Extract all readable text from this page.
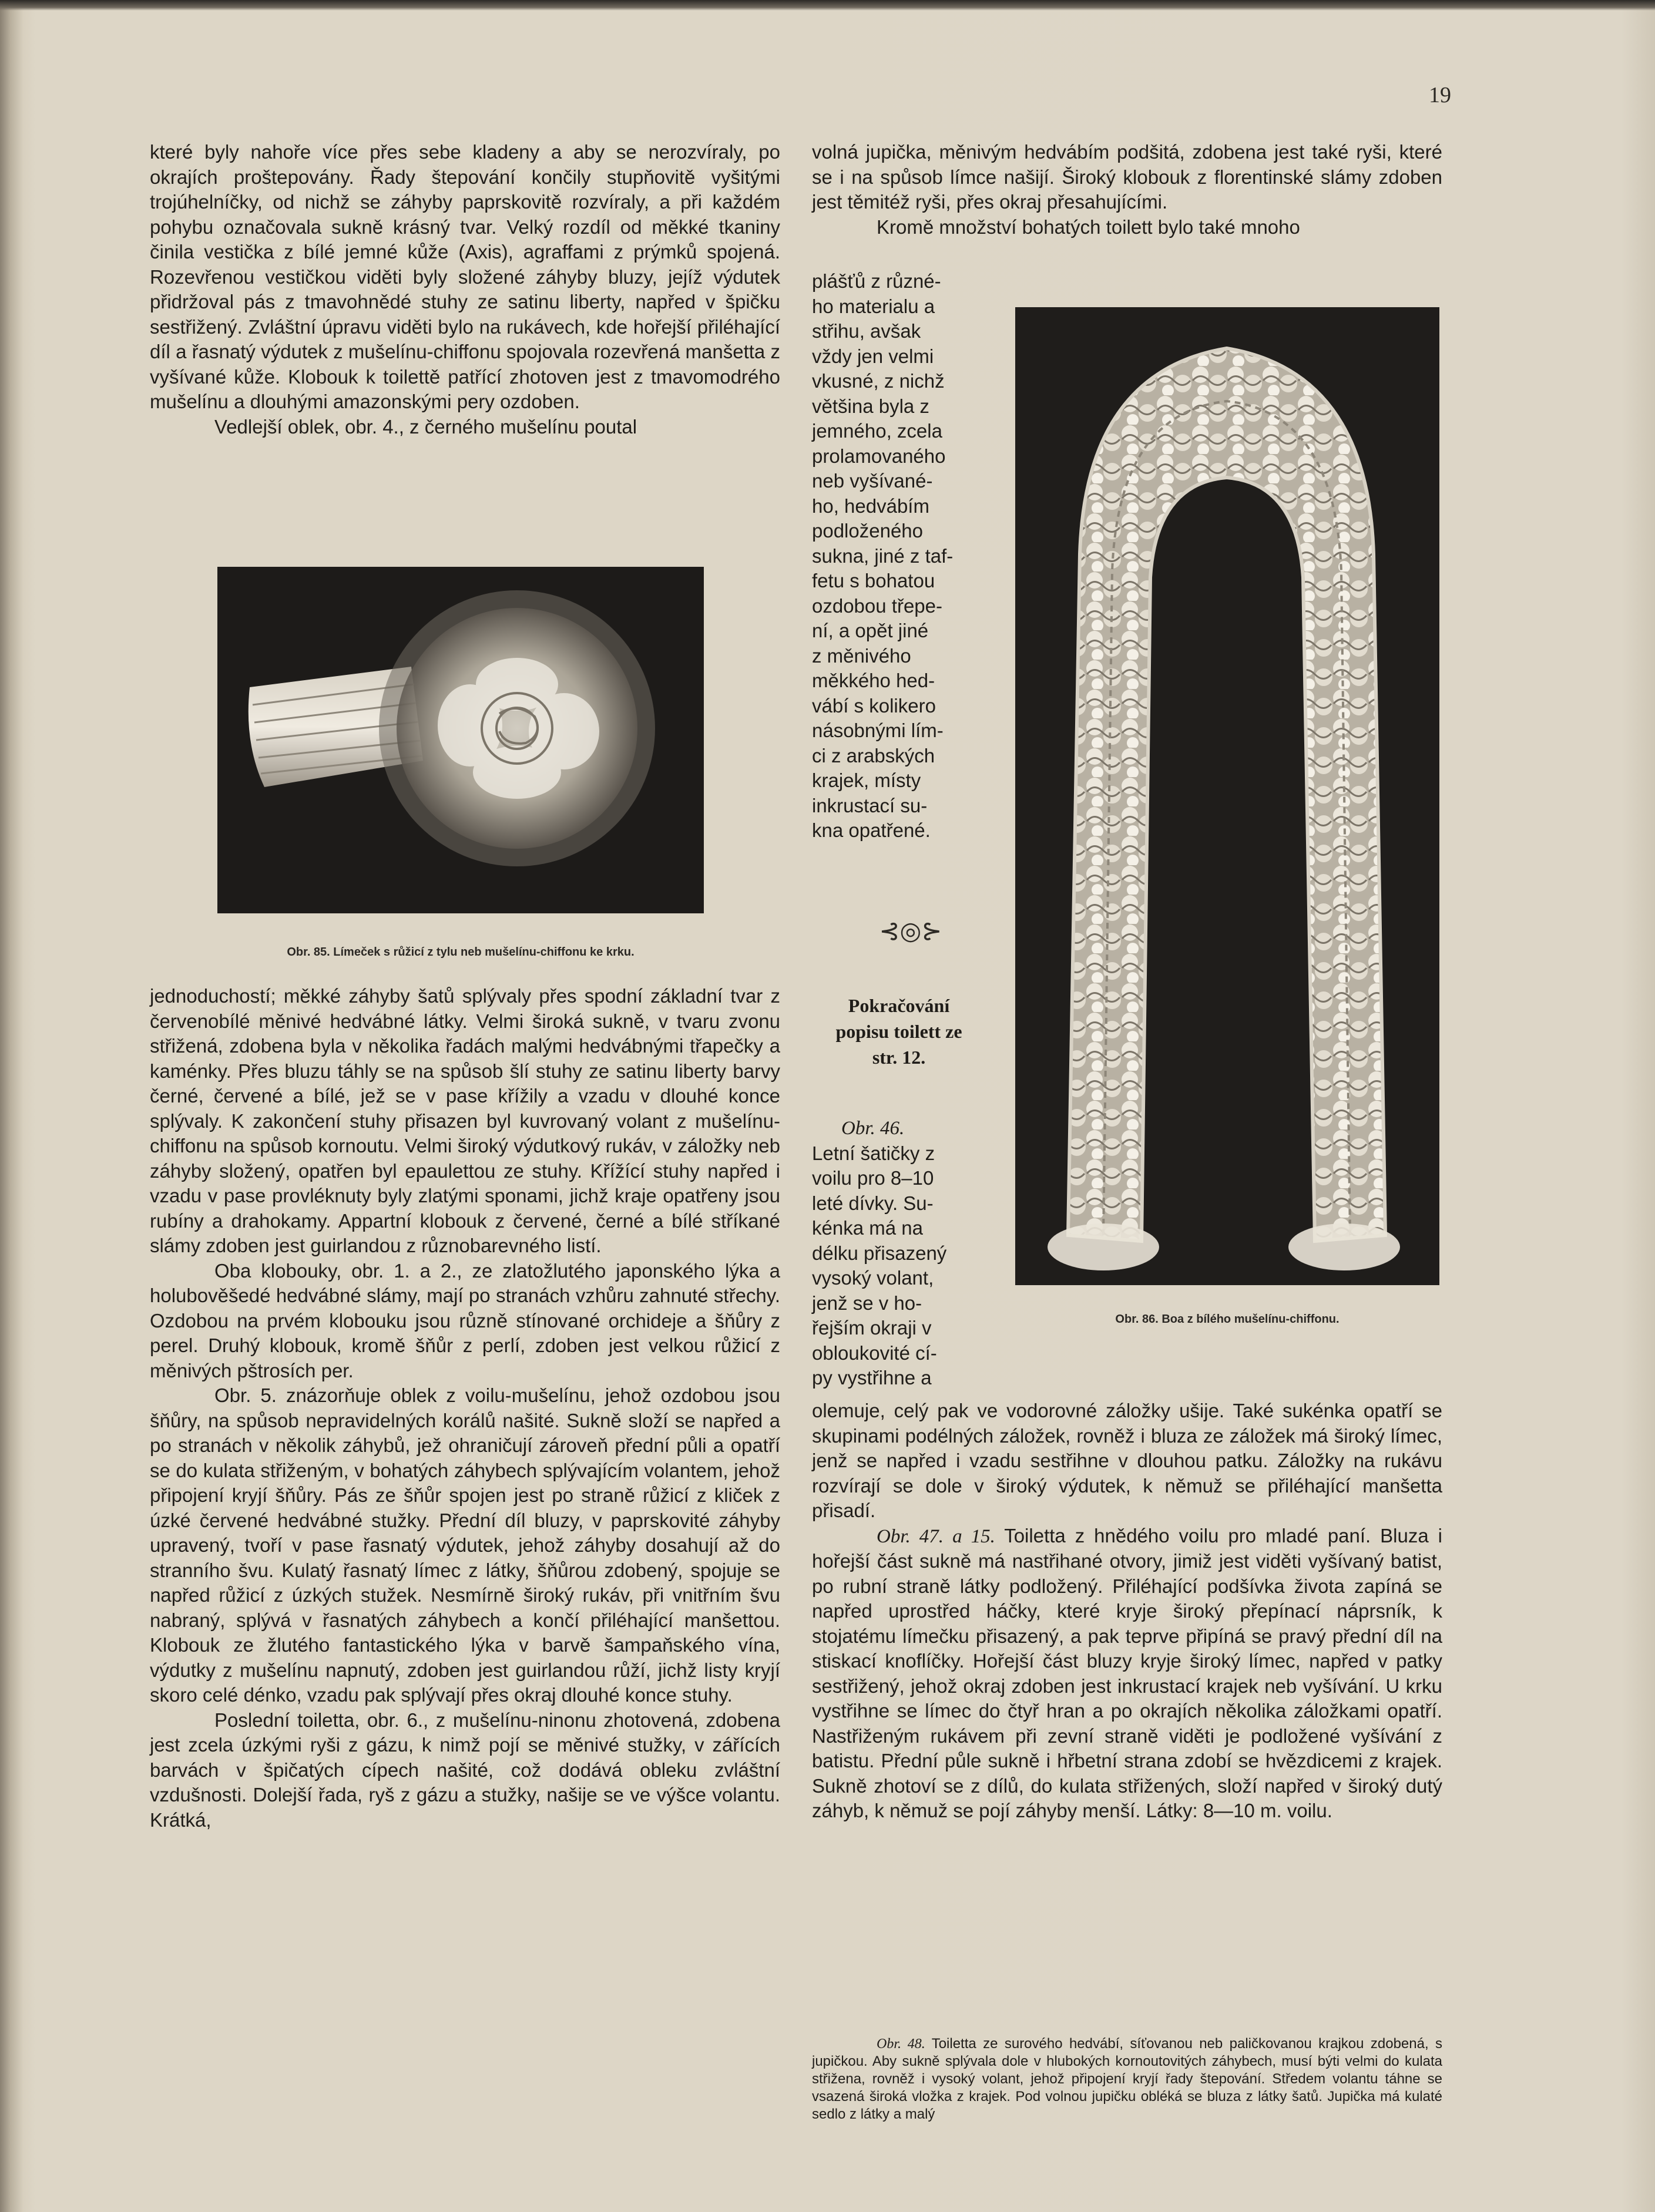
19

které byly nahoře více přes sebe kladeny a aby se nerozvíraly, po okrajích proštepovány. Řady štepování končily stupňovitě vyšitými trojúhelníčky, od nichž se záhyby paprskovitě rozvíraly, a při každém pohybu označovala sukně krásný tvar. Velký rozdíl od měkké tkaniny činila vestička z bílé jemné kůže (Axis), agraffami z prýmků spojená. Rozevřenou vestičkou viděti byly složené záhyby bluzy, jejíž výdutek přidržoval pás z tmavohnědé stuhy ze satinu liberty, napřed v špičku sestřižený. Zvláštní úpravu viděti bylo na rukávech, kde hořejší přiléhající díl a řasnatý výdutek z mušelínu-chiffonu spojovala rozevřená manšetta z vyšívané kůže. Klobouk k toilettě patřící zhotoven jest z tmavomodrého mušelínu a dlouhými amazonskými pery ozdoben.

Vedlejší oblek, obr. 4., z černého mušelínu poutal

Obr. 85. Límeček s růžicí z tylu neb mušelínu-chiffonu ke krku.

jednoduchostí; měkké záhyby šatů splývaly přes spodní základní tvar z červenobílé měnivé hedvábné látky. Velmi široká sukně, v tvaru zvonu střižená, zdobena byla v několika řadách malými hedvábnými třapečky a kaménky. Přes bluzu táhly se na spůsob šlí stuhy ze satinu liberty barvy černé, červené a bílé, jež se v pase křížily a vzadu v dlouhé konce splývaly. K zakončení stuhy přisazen byl kuvrovaný volant z mušelínu-chiffonu na spůsob kornoutu. Velmi široký výdutkový rukáv, v záložky neb záhyby složený, opatřen byl epaulettou ze stuhy. Křížící stuhy napřed i vzadu v pase provléknuty byly zlatými sponami, jichž kraje opatřeny jsou rubíny a drahokamy. Appartní klobouk z červené, černé a bílé stříkané slámy zdoben jest guirlandou z různobarevného listí.

Oba klobouky, obr. 1. a 2., ze zlatožlutého japonského lýka a holubověšedé hedvábné slámy, mají po stranách vzhůru zahnuté střechy. Ozdobou na prvém klobouku jsou různě stínované orchideje a šňůry z perel. Druhý klobouk, kromě šňůr z perlí, zdoben jest velkou růžicí z měnivých pštrosích per.

Obr. 5. znázorňuje oblek z voilu-mušelínu, jehož ozdobou jsou šňůry, na spůsob nepravidelných korálů našité. Sukně složí se napřed a po stranách v několik záhybů, jež ohraničují zároveň přední půli a opatří se do kulata střiženým, v bohatých záhybech splývajícím volantem, jehož připojení kryjí šňůry. Pás ze šňůr spojen jest po straně růžicí z kliček z úzké červené hedvábné stužky. Přední díl bluzy, v paprskovité záhyby upravený, tvoří v pase řasnatý výdutek, jehož záhyby dosahují až do stranního švu. Kulatý řasnatý límec z látky, šňůrou zdobený, spojuje se napřed růžicí z úzkých stužek. Nesmírně široký rukáv, při vnitřním švu nabraný, splývá v řasnatých záhybech a končí přiléhající manšettou. Klobouk ze žlutého fantastického lýka v barvě šampaňského vína, výdutky z mušelínu napnutý, zdoben jest guirlandou růží, jichž listy kryjí skoro celé dénko, vzadu pak splývají přes okraj dlouhé konce stuhy.

Poslední toiletta, obr. 6., z mušelínu-ninonu zhotovená, zdobena jest zcela úzkými ryši z gázu, k nimž pojí se měnivé stužky, v zářících barvách v špičatých cípech našité, což dodává obleku zvláštní vzdušnosti. Dolejší řada, ryš z gázu a stužky, našije se ve výšce volantu. Krátká,

volná jupička, měnivým hedvábím podšitá, zdobena jest také ryši, které se i na spůsob límce našijí. Široký klobouk z florentinské slámy zdoben jest těmitéž ryši, přes okraj přesahujícími.

Kromě množství bohatých toilett bylo také mnoho

plášťů z různé-

ho materialu a

střihu, avšak

vždy jen velmi

vkusné, z nichž

většina byla z

jemného, zcela

prolamovaného

neb vyšívané-

ho, hedvábím

podloženého

sukna, jiné z taf-

fetu s bohatou

ozdobou třepe-

ní, a opět jiné

z měnivého

měkkého hed-

vábí s kolikero

násobnými lím-

ci z arabských

krajek, místy

inkrustací su-

kna opatřené.

⊰◎⊱
Pokračování
popisu toilett ze
str. 12.

Obr. 46.

Letní šatičky z

voilu pro 8–10

leté dívky. Su-

kénka má na

délku přisazený

vysoký volant,

jenž se v ho-

řejším okraji v

obloukovité cí-

py vystřihne a

Obr. 86. Boa z bílého mušelínu-chiffonu.

olemuje, celý pak ve vodorovné záložky ušije. Také sukénka opatří se skupinami podélných záložek, rovněž i bluza ze záložek má široký límec, jenž se napřed i vzadu sestřihne v dlouhou patku. Záložky na rukávu rozvírají se dole v široký výdutek, k němuž se přiléhající manšetta přisadí.

Obr. 47. a 15. Toiletta z hnědého voilu pro mladé paní. Bluza i hořejší část sukně má nastřihané otvory, jimiž jest viděti vyšívaný batist, po rubní straně látky podložený. Přiléhající podšívka života zapíná se napřed uprostřed háčky, které kryje široký přepínací náprsník, k stojatému límečku přisazený, a pak teprve připíná se pravý přední díl na stiskací knoflíčky. Hořejší část bluzy kryje široký límec, napřed v patky sestřižený, jehož okraj zdoben jest inkrustací krajek neb vyšívání. U krku vystřihne se límec do čtyř hran a po okrajích několika záložkami opatří. Nastřiženým rukávem při zevní straně viděti je podložené vyšívání z batistu. Přední půle sukně i hřbetní strana zdobí se hvězdicemi z krajek. Sukně zhotoví se z dílů, do kulata střižených, složí napřed v široký dutý záhyb, k němuž se pojí záhyby menší. Látky: 8—10 m. voilu.

Obr. 48. Toiletta ze surového hedvábí, síťovanou neb paličkovanou krajkou zdobená, s jupičkou. Aby sukně splývala dole v hlubokých kornoutovitých záhybech, musí býti velmi do kulata střižena, rovněž i vysoký volant, jehož připojení kryjí řady štepování. Středem volantu táhne se vsazená široká vložka z krajek. Pod volnou jupičku obléká se bluza z látky šatů. Jupička má kulaté sedlo z látky a malý
